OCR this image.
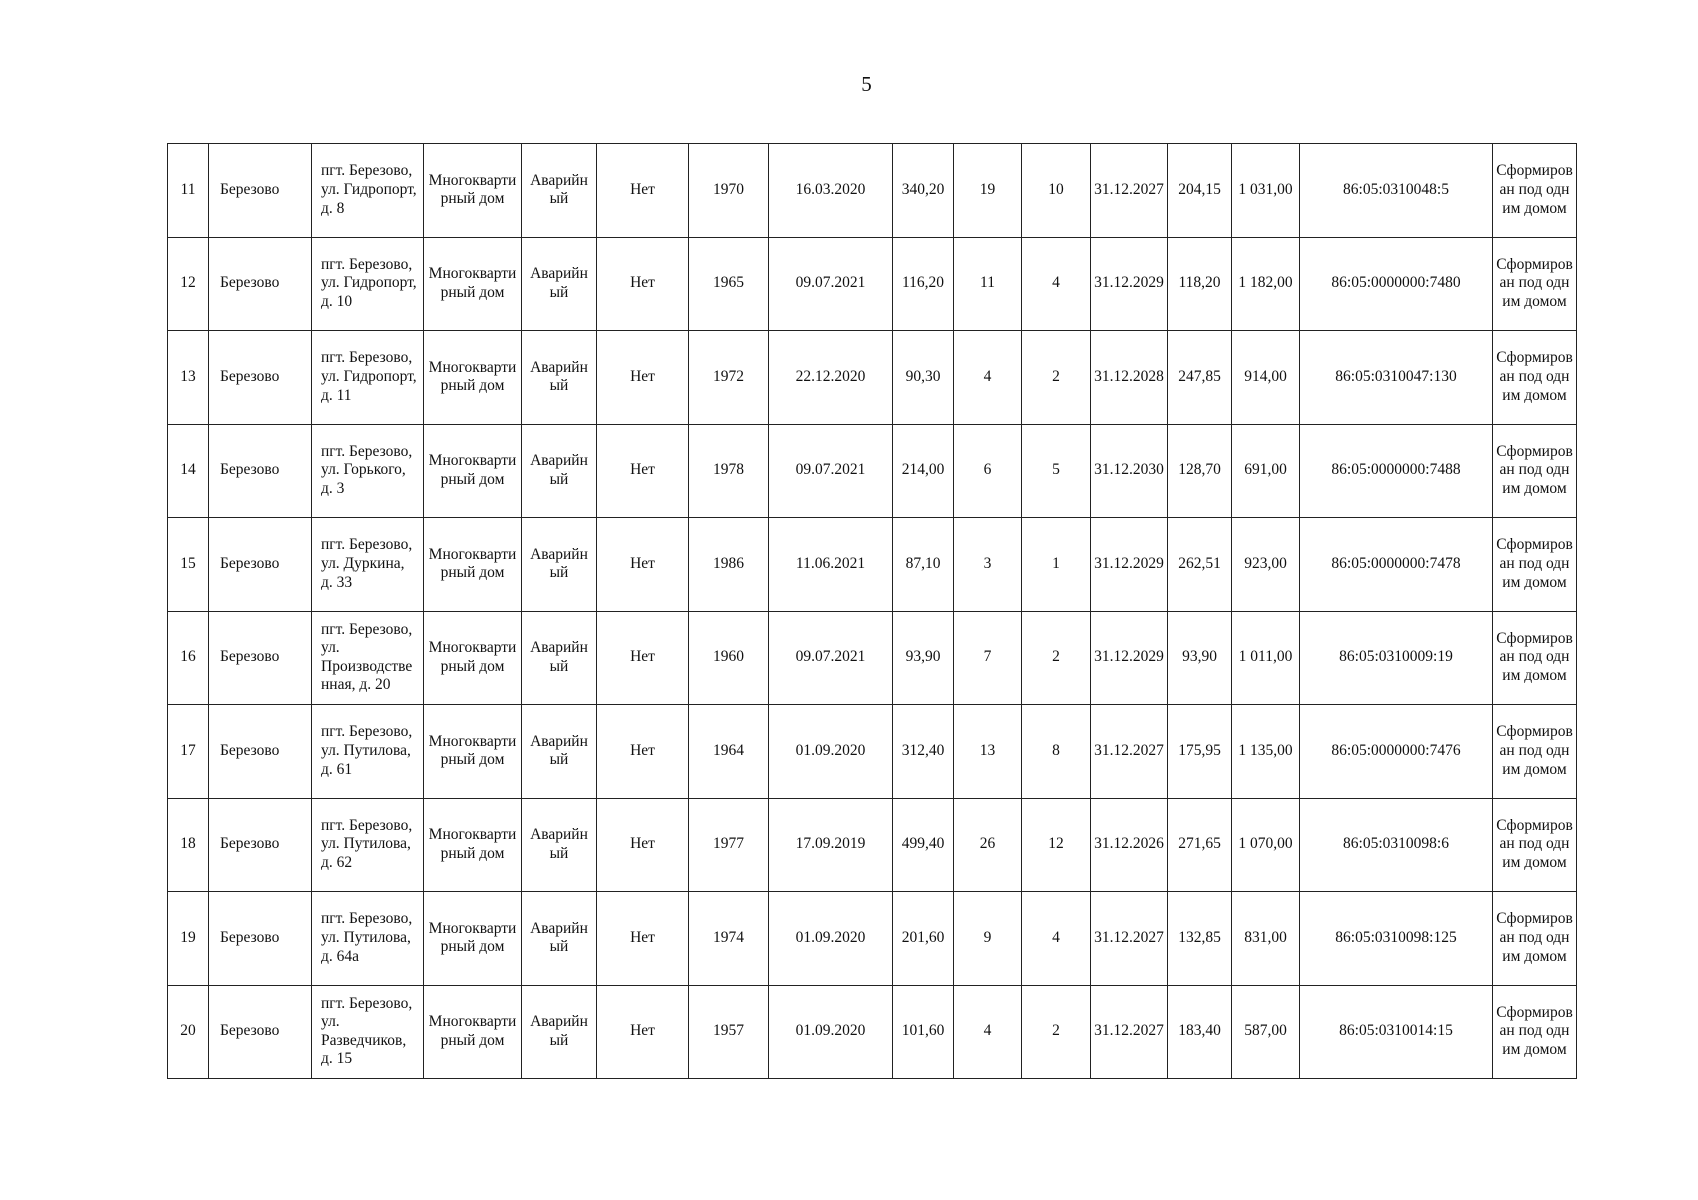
5
11	Березово	пгт. Березово, ул. Гидропорт, д. 8	Многоквартирный дом	Аварийный	Нет	1970	16.03.2020	340,20	19	10	31.12.2027	204,15	1 031,00	86:05:0310048:5	Сформирован под одним домом
12	Березово	пгт. Березово, ул. Гидропорт, д. 10	Многоквартирный дом	Аварийный	Нет	1965	09.07.2021	116,20	11	4	31.12.2029	118,20	1 182,00	86:05:0000000:7480	Сформирован под одним домом
13	Березово	пгт. Березово, ул. Гидропорт, д. 11	Многоквартирный дом	Аварийный	Нет	1972	22.12.2020	90,30	4	2	31.12.2028	247,85	914,00	86:05:0310047:130	Сформирован под одним домом
14	Березово	пгт. Березово, ул. Горького, д. 3	Многоквартирный дом	Аварийный	Нет	1978	09.07.2021	214,00	6	5	31.12.2030	128,70	691,00	86:05:0000000:7488	Сформирован под одним домом
15	Березово	пгт. Березово, ул. Дуркина, д. 33	Многоквартирный дом	Аварийный	Нет	1986	11.06.2021	87,10	3	1	31.12.2029	262,51	923,00	86:05:0000000:7478	Сформирован под одним домом
16	Березово	пгт. Березово, ул. Производственная, д. 20	Многоквартирный дом	Аварийный	Нет	1960	09.07.2021	93,90	7	2	31.12.2029	93,90	1 011,00	86:05:0310009:19	Сформирован под одним домом
17	Березово	пгт. Березово, ул. Путилова, д. 61	Многоквартирный дом	Аварийный	Нет	1964	01.09.2020	312,40	13	8	31.12.2027	175,95	1 135,00	86:05:0000000:7476	Сформирован под одним домом
18	Березово	пгт. Березово, ул. Путилова, д. 62	Многоквартирный дом	Аварийный	Нет	1977	17.09.2019	499,40	26	12	31.12.2026	271,65	1 070,00	86:05:0310098:6	Сформирован под одним домом
19	Березово	пгт. Березово, ул. Путилова, д. 64а	Многоквартирный дом	Аварийный	Нет	1974	01.09.2020	201,60	9	4	31.12.2027	132,85	831,00	86:05:0310098:125	Сформирован под одним домом
20	Березово	пгт. Березово, ул. Разведчиков, д. 15	Многоквартирный дом	Аварийный	Нет	1957	01.09.2020	101,60	4	2	31.12.2027	183,40	587,00	86:05:0310014:15	Сформирован под одним домом
